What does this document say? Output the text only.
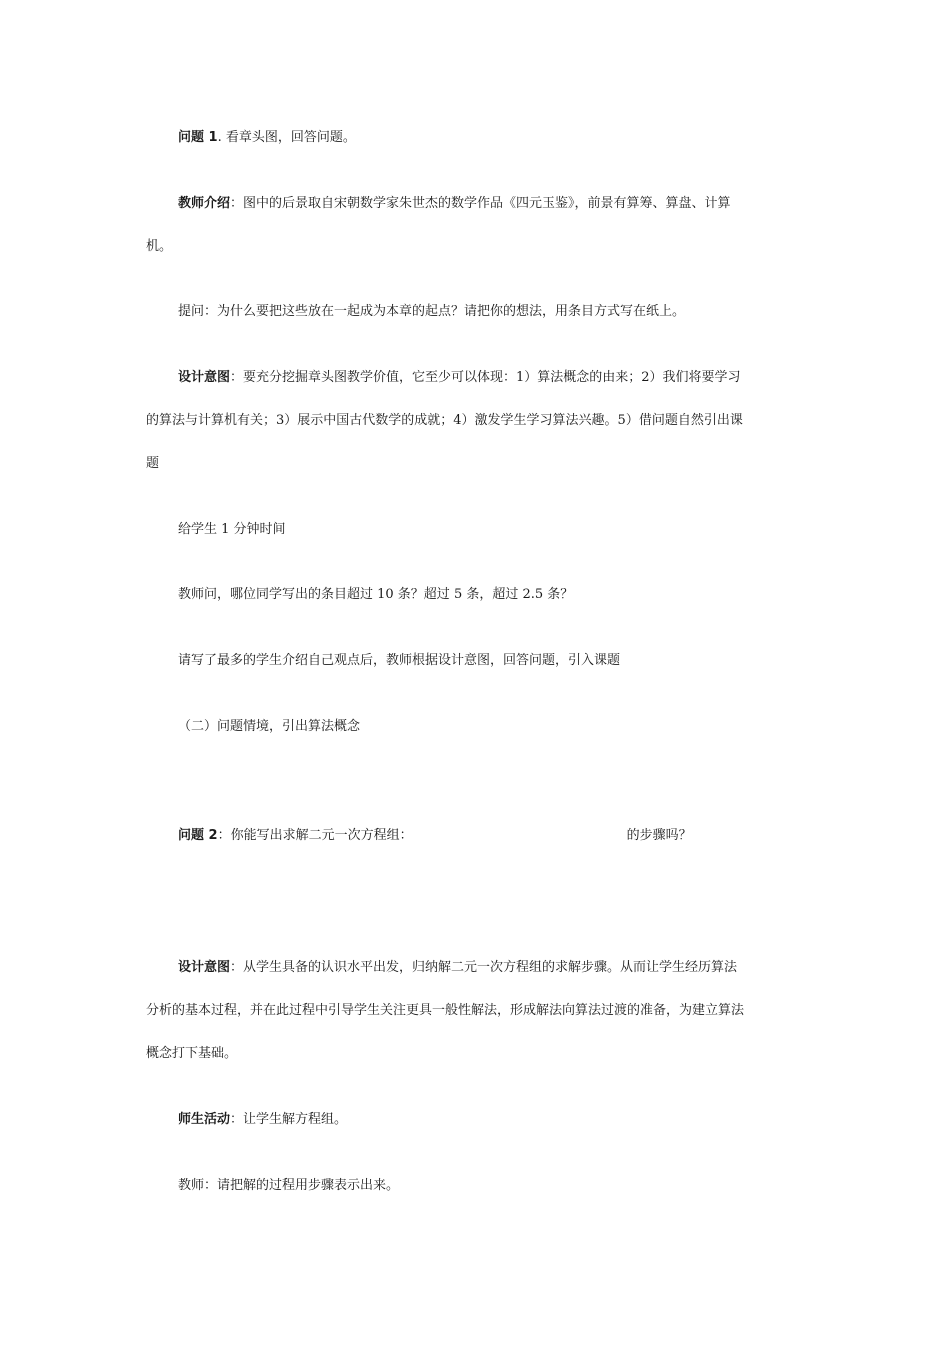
问题 1. 看章头图，回答问题。
教师介绍：图中的后景取自宋朝数学家朱世杰的数学作品《四元玉鉴》，前景有算筹、算盘、计算
机。
提问：为什么要把这些放在一起成为本章的起点？请把你的想法，用条目方式写在纸上。
设计意图：要充分挖掘章头图教学价值，它至少可以体现：1）算法概念的由来；2）我们将要学习
的算法与计算机有关；3）展示中国古代数学的成就；4）激发学生学习算法兴趣。5）借问题自然引出课
题
给学生 1 分钟时间
教师问，哪位同学写出的条目超过 10 条？超过 5 条，超过 2.5 条？
请写了最多的学生介绍自己观点后，教师根据设计意图，回答问题，引入课题
（二）问题情境，引出算法概念
问题 2：你能写出求解二元一次方程组：	的步骤吗？
设计意图：从学生具备的认识水平出发，归纳解二元一次方程组的求解步骤。从而让学生经历算法
分析的基本过程，并在此过程中引导学生关注更具一般性解法，形成解法向算法过渡的准备，为建立算法
概念打下基础。
师生活动：让学生解方程组。
教师：请把解的过程用步骤表示出来。
